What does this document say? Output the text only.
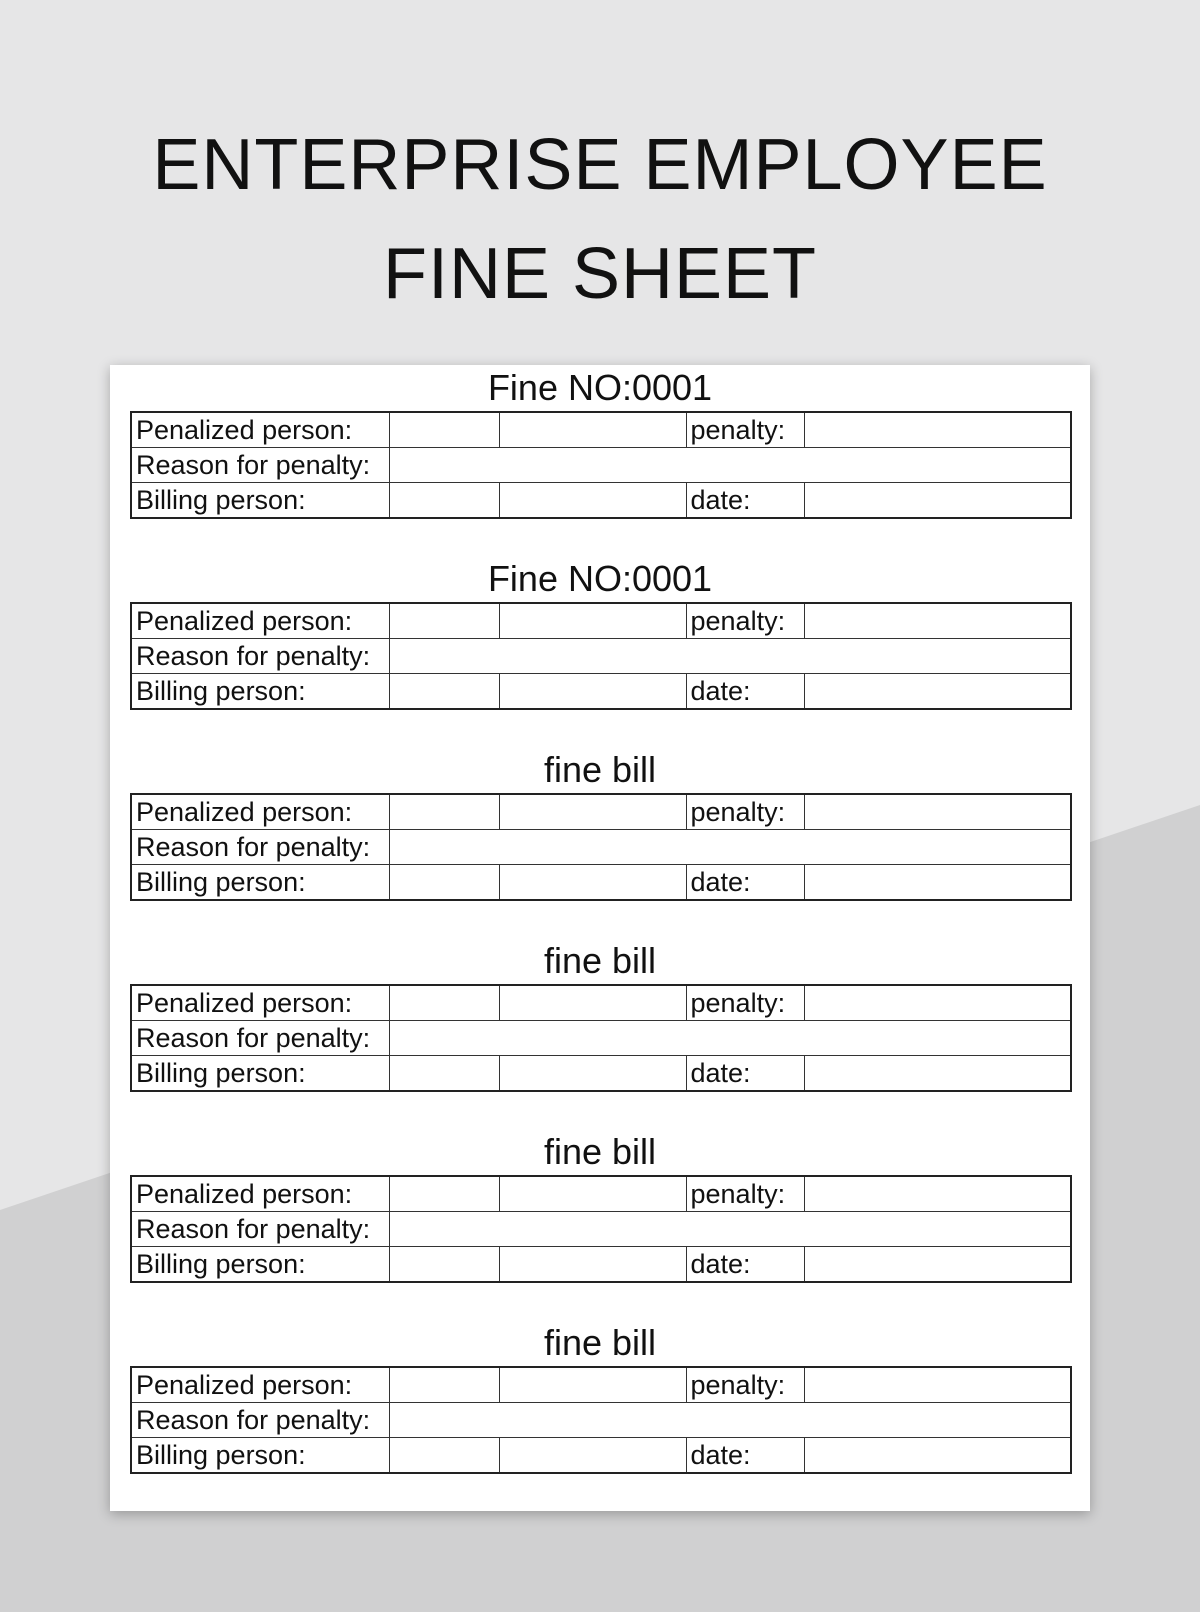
ENTERPRISE EMPLOYEE
FINE SHEET
Fine NO:0001
Penalized person:			penalty:	
Reason for penalty:				
Billing person:			date:	
Fine NO:0001
Penalized person:			penalty:	
Reason for penalty:				
Billing person:			date:	
fine bill
Penalized person:			penalty:	
Reason for penalty:				
Billing person:			date:	
fine bill
Penalized person:			penalty:	
Reason for penalty:				
Billing person:			date:	
fine bill
Penalized person:			penalty:	
Reason for penalty:				
Billing person:			date:	
fine bill
Penalized person:			penalty:	
Reason for penalty:				
Billing person:			date:	
